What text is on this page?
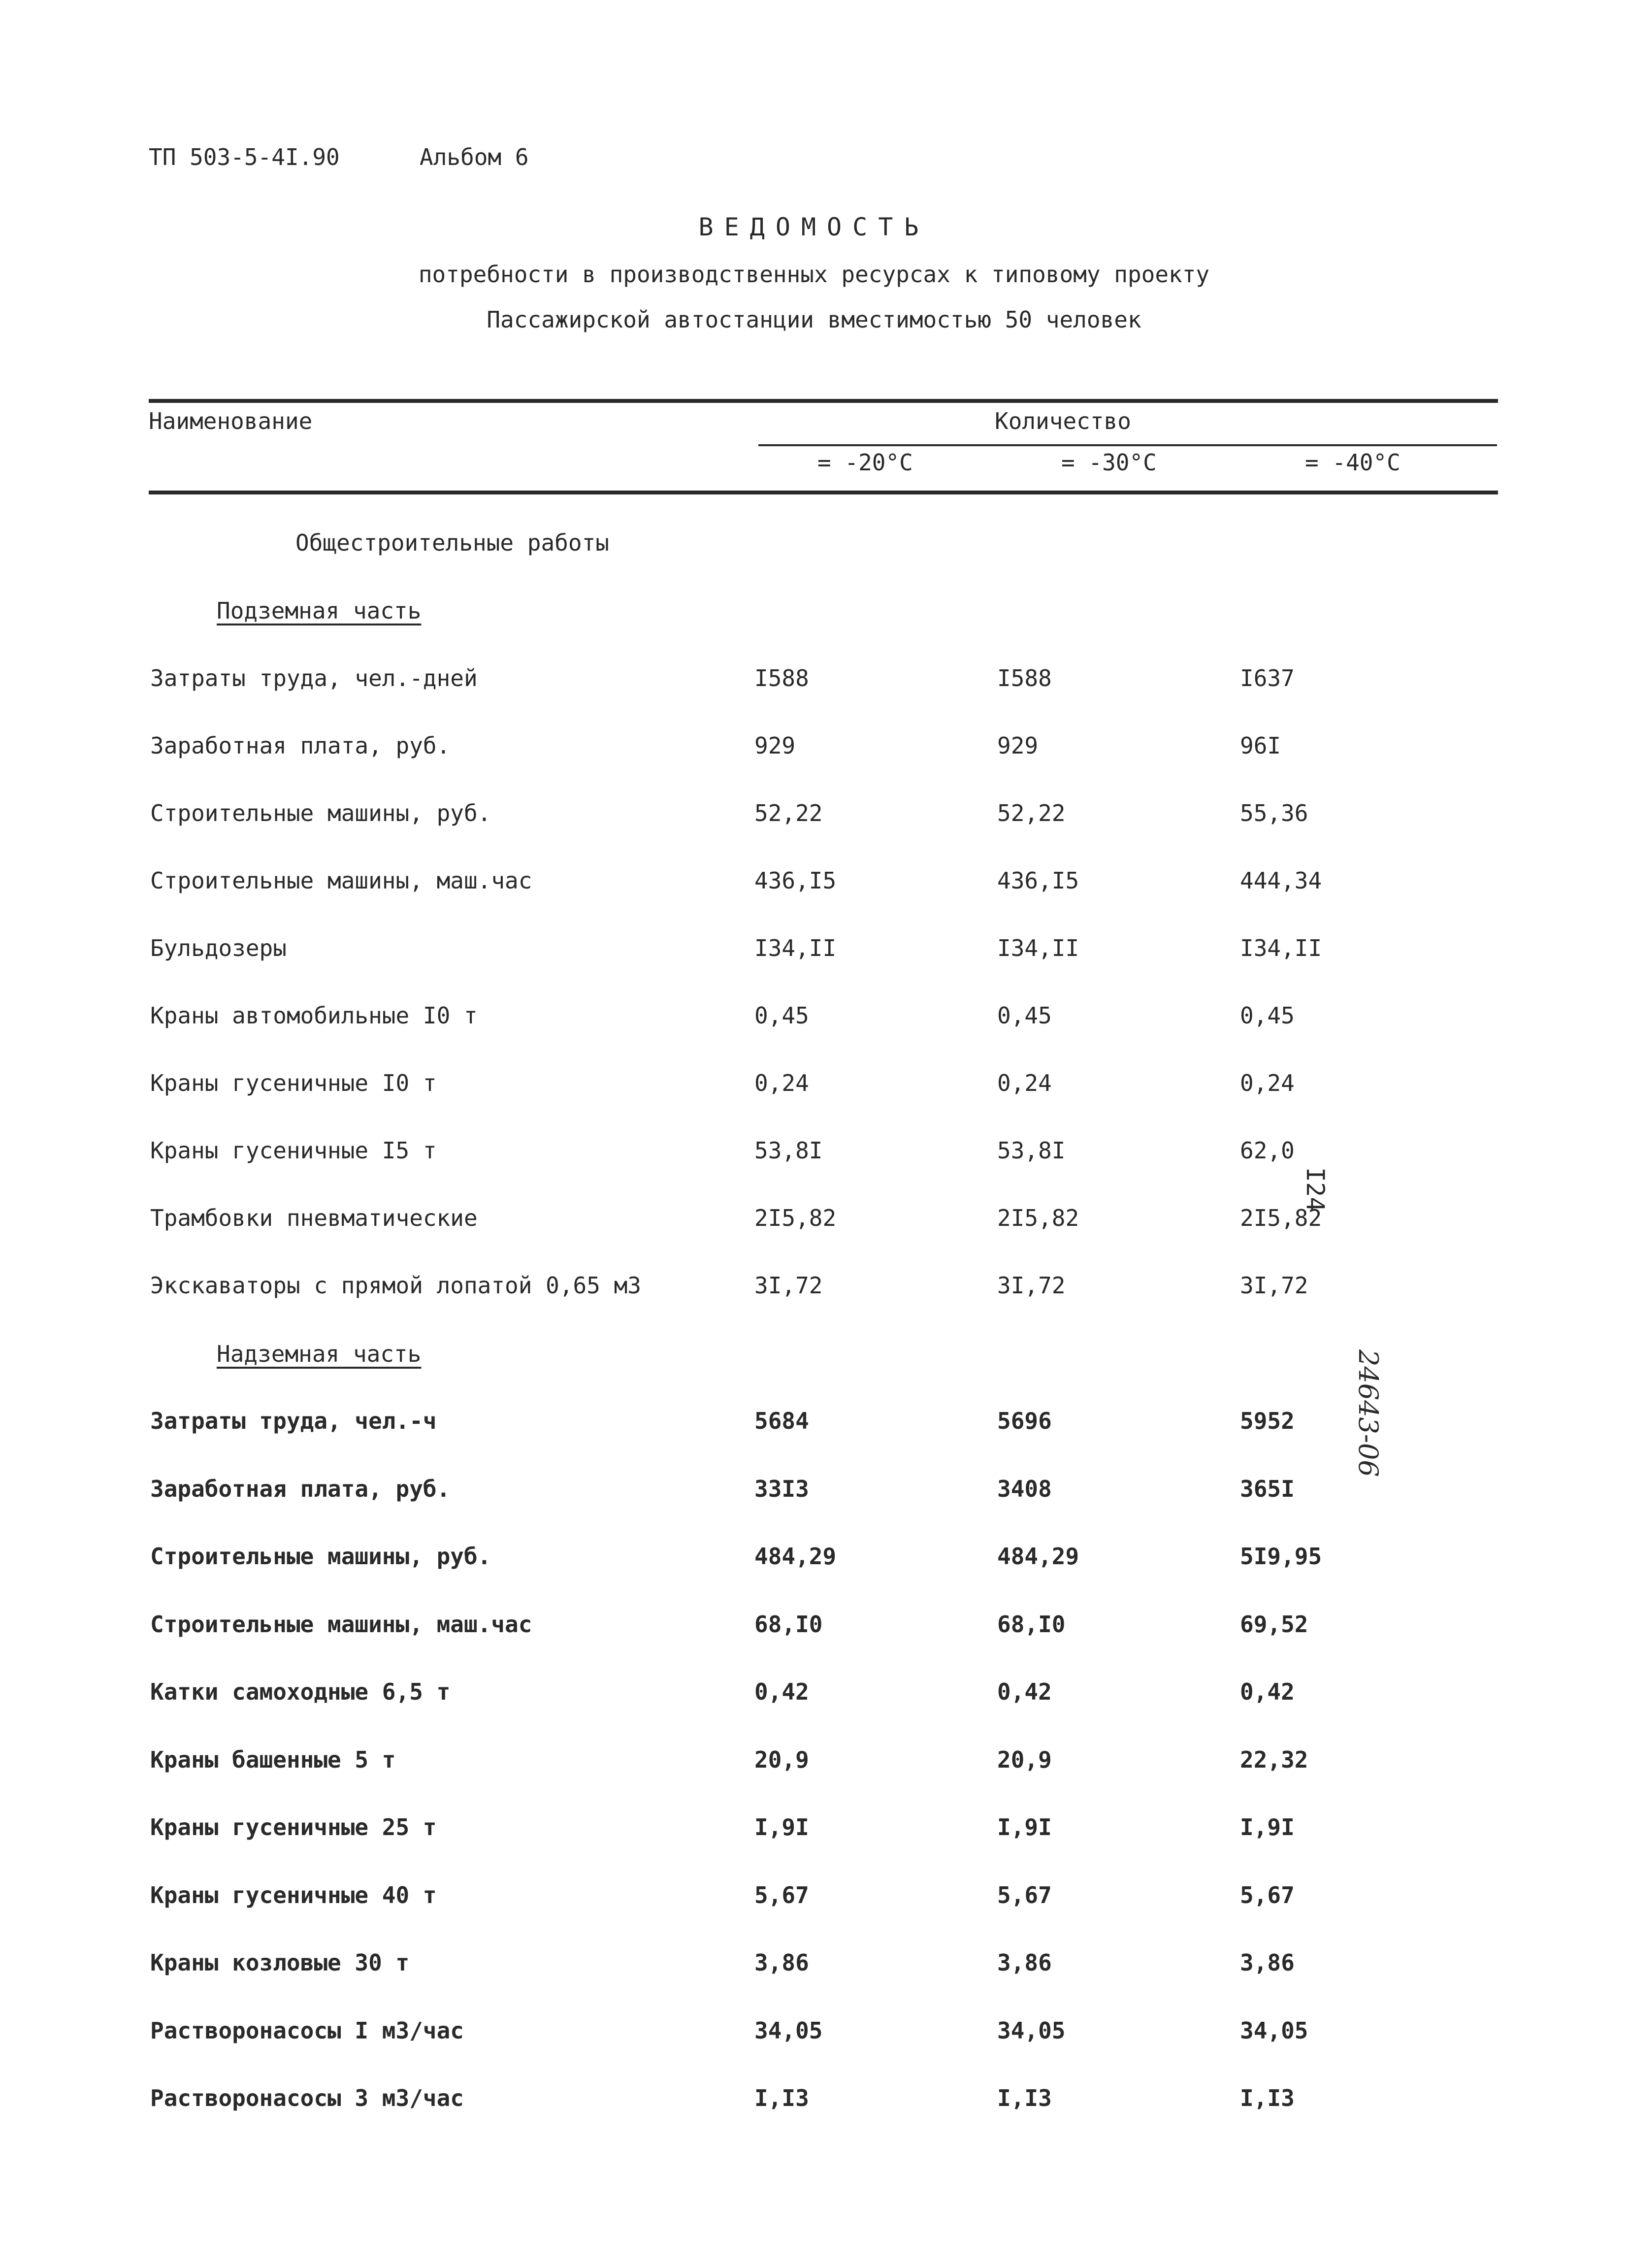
ТП 503-5-4I.90	Альбом 6
ВЕДОМОСТЬ
потребности в производственных ресурсах к типовому проекту
Пассажирской автостанции вместимостью 50 человек
Наименование	Количество
= -20°C	= -30°C	= -40°C
Общестроительные работы
Подземная часть
Затраты труда, чел.-дней	I588	I588	I637
Заработная плата, руб.	929	929	96I
Строительные машины, руб.	52,22	52,22	55,36
Строительные машины, маш.час	436,I5	436,I5	444,34
Бульдозеры	I34,II	I34,II	I34,II
Краны автомобильные I0 т	0,45	0,45	0,45
Краны гусеничные I0 т	0,24	0,24	0,24
Краны гусеничные I5 т	53,8I	53,8I	62,0
Трамбовки пневматические	2I5,82	2I5,82	2I5,82
Экскаваторы с прямой лопатой 0,65 м3	3I,72	3I,72	3I,72
Надземная часть
Затраты труда, чел.-ч	5684	5696	5952
Заработная плата, руб.	33I3	3408	365I
Строительные машины, руб.	484,29	484,29	5I9,95
Строительные машины, маш.час	68,I0	68,I0	69,52
Катки самоходные 6,5 т	0,42	0,42	0,42
Краны башенные 5 т	20,9	20,9	22,32
Краны гусеничные 25 т	I,9I	I,9I	I,9I
Краны гусеничные 40 т	5,67	5,67	5,67
Краны козловые 30 т	3,86	3,86	3,86
Растворонасосы I м3/час	34,05	34,05	34,05
Растворонасосы 3 м3/час	I,I3	I,I3	I,I3
I24
24643-06
